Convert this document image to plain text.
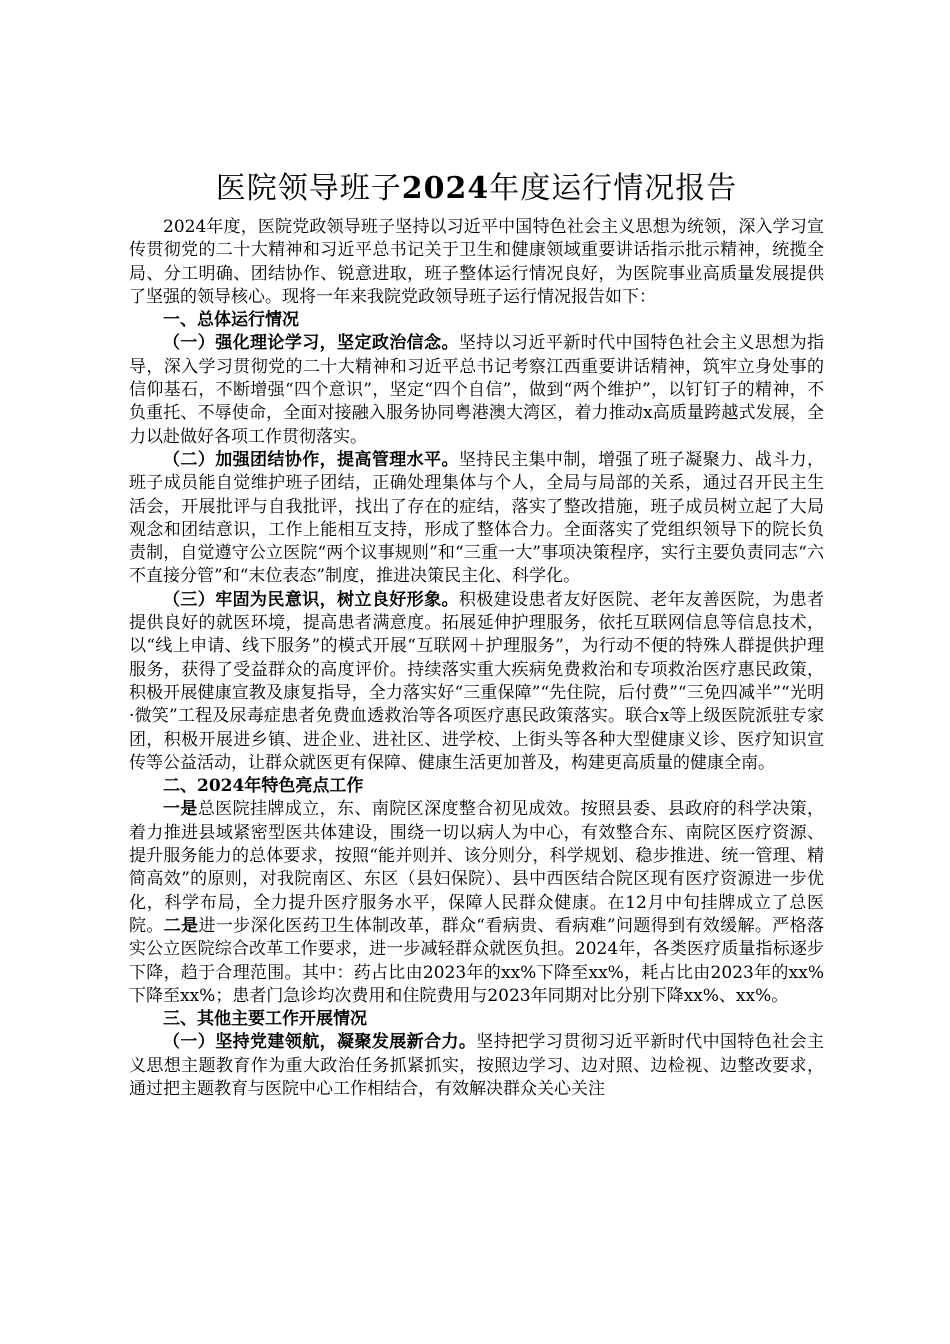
医院领导班子2024年度运行情况报告

2024年度，医院党政领导班子坚持以习近平中国特色社会主义思想为统领，深入学习宣传贯彻党的二十大精神和习近平总书记关于卫生和健康领域重要讲话指示批示精神，统揽全局、分工明确、团结协作、锐意进取，班子整体运行情况良好，为医院事业高质量发展提供了坚强的领导核心。现将一年来我院党政领导班子运行情况报告如下：

一、总体运行情况

（一）强化理论学习，坚定政治信念。坚持以习近平新时代中国特色社会主义思想为指导，深入学习贯彻党的二十大精神和习近平总书记考察江西重要讲话精神，筑牢立身处事的信仰基石，不断增强“四个意识”，坚定“四个自信”，做到“两个维护”，以钉钉子的精神，不负重托、不辱使命，全面对接融入服务协同粤港澳大湾区，着力推动x高质量跨越式发展，全力以赴做好各项工作贯彻落实。

（二）加强团结协作，提高管理水平。坚持民主集中制，增强了班子凝聚力、战斗力，班子成员能自觉维护班子团结，正确处理集体与个人，全局与局部的关系，通过召开民主生活会，开展批评与自我批评，找出了存在的症结，落实了整改措施，班子成员树立起了大局观念和团结意识，工作上能相互支持，形成了整体合力。全面落实了党组织领导下的院长负责制，自觉遵守公立医院“两个议事规则”和“三重一大”事项决策程序，实行主要负责同志“六不直接分管”和“末位表态”制度，推进决策民主化、科学化。

（三）牢固为民意识，树立良好形象。积极建设患者友好医院、老年友善医院，为患者提供良好的就医环境，提高患者满意度。拓展延伸护理服务，依托互联网信息等信息技术，以“线上申请、线下服务”的模式开展“互联网＋护理服务”，为行动不便的特殊人群提供护理服务，获得了受益群众的高度评价。持续落实重大疾病免费救治和专项救治医疗惠民政策，积极开展健康宣教及康复指导，全力落实好“三重保障”“先住院，后付费”“三免四减半”“光明·微笑”工程及尿毒症患者免费血透救治等各项医疗惠民政策落实。联合x等上级医院派驻专家团，积极开展进乡镇、进企业、进社区、进学校、上街头等各种大型健康义诊、医疗知识宣传等公益活动，让群众就医更有保障、健康生活更加普及，构建更高质量的健康全南。

二、2024年特色亮点工作

一是总医院挂牌成立，东、南院区深度整合初见成效。按照县委、县政府的科学决策，着力推进县域紧密型医共体建设，围绕一切以病人为中心，有效整合东、南院区医疗资源、提升服务能力的总体要求，按照“能并则并、该分则分，科学规划、稳步推进、统一管理、精简高效”的原则，对我院南区、东区（县妇保院）、县中西医结合院区现有医疗资源进一步优化，科学布局，全力提升医疗服务水平，保障人民群众健康。在12月中旬挂牌成立了总医院。二是进一步深化医药卫生体制改革，群众“看病贵、看病难”问题得到有效缓解。严格落实公立医院综合改革工作要求，进一步减轻群众就医负担。2024年，各类医疗质量指标逐步下降，趋于合理范围。其中：药占比由2023年的xx%下降至xx%，耗占比由2023年的xx%下降至xx%；患者门急诊均次费用和住院费用与2023年同期对比分别下降xx%、xx%。

三、其他主要工作开展情况

（一）坚持党建领航，凝聚发展新合力。坚持把学习贯彻习近平新时代中国特色社会主义思想主题教育作为重大政治任务抓紧抓实，按照边学习、边对照、边检视、边整改要求，通过把主题教育与医院中心工作相结合，有效解决群众关心关注
